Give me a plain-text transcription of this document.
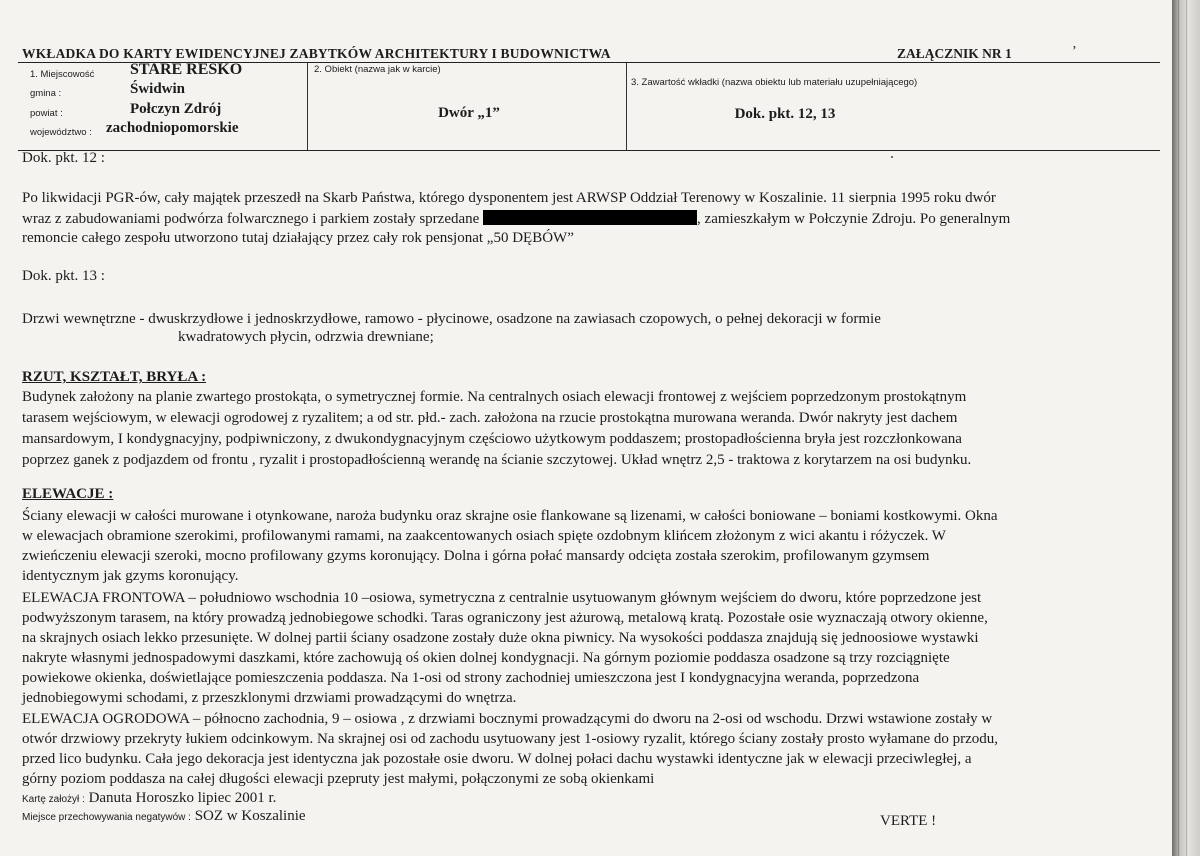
WKŁADKA DO KARTY EWIDENCYJNEJ ZABYTKÓW ARCHITEKTURY I BUDOWNICTWA	ZAŁĄCZNIK NR 1	ʼ
1. Miejscowość STARE RESKO
gmina :	Świdwin
powiat :	Połczyn Zdrój
województwo : zachodniopomorskie
2. Obiekt (nazwa jak w karcie)
Dwór „1”
3. Zawartość wkładki (nazwa obiektu lub materiału uzupełniającego)
Dok. pkt. 12, 13
Dok. pkt. 12 :
Po likwidacji PGR-ów, cały majątek przeszedł na Skarb Państwa, którego dysponentem jest ARWSP Oddział Terenowy w Koszalinie. 11 sierpnia 1995 roku dwór
wraz z zabudowaniami podwórza folwarcznego i parkiem zostały sprzedane	, zamieszkałym w Połczynie Zdroju. Po generalnym
remoncie całego zespołu utworzono tutaj działający przez cały rok pensjonat „50 DĘBÓW”
Dok. pkt. 13 :
Drzwi wewnętrzne - dwuskrzydłowe i jednoskrzydłowe, ramowo - płycinowe, osadzone na zawiasach czopowych, o pełnej dekoracji w formie
kwadratowych płycin, odrzwia drewniane;
RZUT, KSZTAŁT, BRYŁA :
Budynek założony na planie zwartego prostokąta, o symetrycznej formie. Na centralnych osiach elewacji frontowej z wejściem poprzedzonym prostokątnym
tarasem wejściowym, w elewacji ogrodowej z ryzalitem; a od str. płd.- zach. założona na rzucie prostokątna murowana weranda. Dwór nakryty jest dachem
mansardowym, I kondygnacyjny, podpiwniczony, z dwukondygnacyjnym częściowo użytkowym poddaszem; prostopadłościenna bryła jest rozczłonkowana
poprzez ganek z podjazdem od frontu , ryzalit i prostopadłościenną werandę na ścianie szczytowej. Układ wnętrz 2,5 - traktowa z korytarzem na osi budynku.
ELEWACJE :
Ściany elewacji w całości murowane i otynkowane, naroża budynku oraz skrajne osie flankowane są lizenami, w całości boniowane – boniami kostkowymi. Okna
w elewacjach obramione szerokimi, profilowanymi ramami, na zaakcentowanych osiach spięte ozdobnym klińcem złożonym z wici akantu i różyczek. W
zwieńczeniu elewacji szeroki, mocno profilowany gzyms koronujący. Dolna i górna połać mansardy odcięta została szerokim, profilowanym gzymsem
identycznym jak gzyms koronujący.
ELEWACJA FRONTOWA – południowo wschodnia 10 –osiowa, symetryczna z centralnie usytuowanym głównym wejściem do dworu, które poprzedzone jest
podwyższonym tarasem, na który prowadzą jednobiegowe schodki. Taras ograniczony jest ażurową, metalową kratą. Pozostałe osie wyznaczają otwory okienne,
na skrajnych osiach lekko przesunięte. W dolnej partii ściany osadzone zostały duże okna piwnicy. Na wysokości poddasza znajdują się jednoosiowe wystawki
nakryte własnymi jednospadowymi daszkami, które zachowują oś okien dolnej kondygnacji. Na górnym poziomie poddasza osadzone są trzy rozciągnięte
powiekowe okienka, doświetlające pomieszczenia poddasza. Na 1-osi od strony zachodniej umieszczona jest I kondygnacyjna weranda, poprzedzona
jednobiegowymi schodami, z przeszklonymi drzwiami prowadzącymi do wnętrza.
ELEWACJA OGRODOWA – północno zachodnia, 9 – osiowa , z drzwiami bocznymi prowadzącymi do dworu na 2-osi od wschodu. Drzwi wstawione zostały w
otwór drzwiowy przekryty łukiem odcinkowym. Na skrajnej osi od zachodu usytuowany jest 1-osiowy ryzalit, którego ściany zostały prosto wyłamane do przodu,
przed lico budynku. Cała jego dekoracja jest identyczna jak pozostałe osie dworu. W dolnej połaci dachu wystawki identyczne jak w elewacji przeciwległej, a
górny poziom poddasza na całej długości elewacji pzepruty jest małymi, połączonymi ze sobą okienkami
Kartę założył : Danuta Horoszko lipiec 2001 r.
Miejsce przechowywania negatywów : SOZ w Koszalinie	VERTE !
